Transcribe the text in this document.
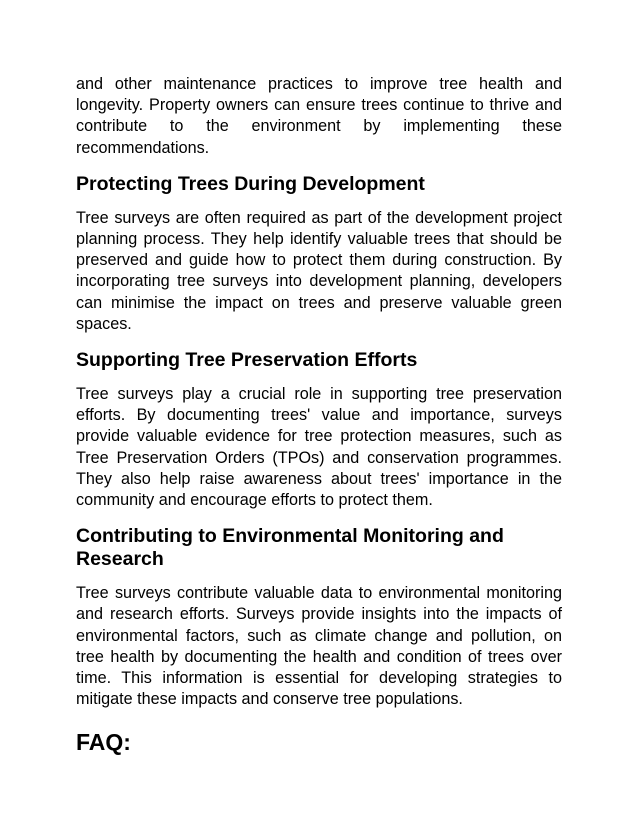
and other maintenance practices to improve tree health and longevity. Property owners can ensure trees continue to thrive and contribute to the environment by implementing these recommendations.

Protecting Trees During Development

Tree surveys are often required as part of the development project planning process. They help identify valuable trees that should be preserved and guide how to protect them during construction. By incorporating tree surveys into development planning, developers can minimise the impact on trees and preserve valuable green spaces.

Supporting Tree Preservation Efforts

Tree surveys play a crucial role in supporting tree preservation efforts. By documenting trees' value and importance, surveys provide valuable evidence for tree protection measures, such as Tree Preservation Orders (TPOs) and conservation programmes. They also help raise awareness about trees' importance in the community and encourage efforts to protect them.

Contributing to Environmental Monitoring and Research

Tree surveys contribute valuable data to environmental monitoring and research efforts. Surveys provide insights into the impacts of environmental factors, such as climate change and pollution, on tree health by documenting the health and condition of trees over time. This information is essential for developing strategies to mitigate these impacts and conserve tree populations.

FAQ:
